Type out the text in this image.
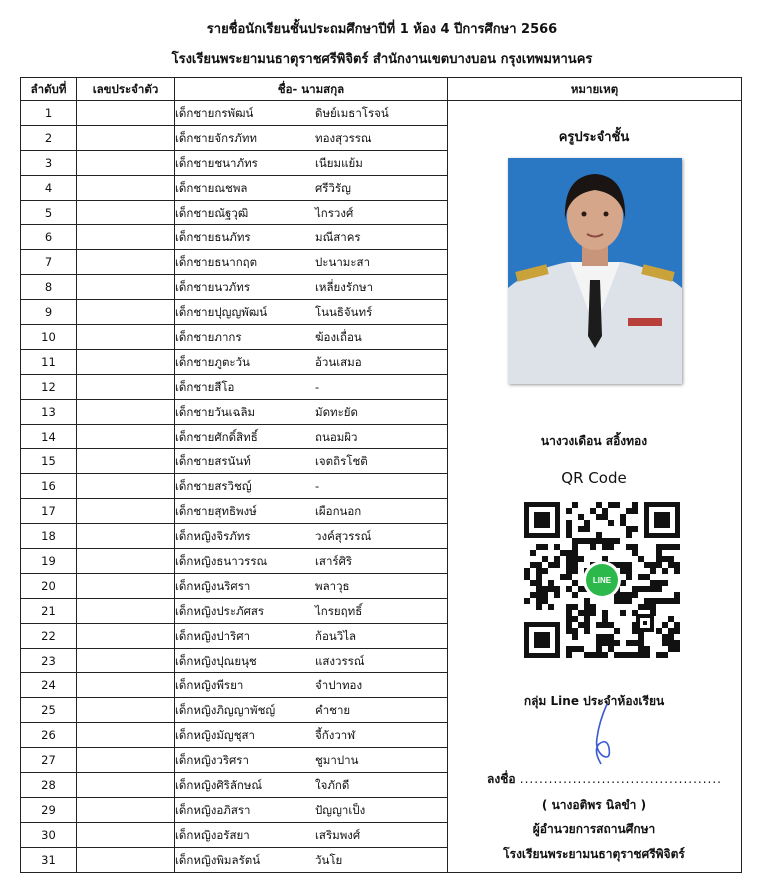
รายชื่อนักเรียนชั้นประถมศึกษาปีที่ 1 ห้อง 4 ปีการศึกษา 2566
โรงเรียนพระยามนธาตุราชศรีพิจิตร์ สำนักงานเขตบางบอน กรุงเทพมหานคร
ลำดับที่	เลขประจำตัว	ชื่อ- นามสกุล	หมายเหตุ
1		เด็กชายกรพัฒน์ ดิษย์เมธาโรจน์	
2		เด็กชายจักรภัทท ทองสุวรรณ	
3		เด็กชายชนาภัทร เนียมแย้ม	
4		เด็กชายณชพล ศรีวิรัญ	
5		เด็กชายณัฐวุฒิ ไกรวงศ์	
6		เด็กชายธนภัทร มณีสาคร	
7		เด็กชายธนากฤต ปะนามะสา	
8		เด็กชายนวภัทร เหลี่ยงรักษา	
9		เด็กชายปุญญพัฒน์ โนนธิจันทร์	
10		เด็กชายภากร ฆ้องเถื่อน	
11		เด็กชายภูตะวัน อ้วนเสมอ	
12		เด็กชายสีโอ -	
13		เด็กชายวันเฉลิม มัดทะยัด	
14		เด็กชายศักดิ์สิทธิ์ ถนอมผิว	
15		เด็กชายสรนันท์ เจตถิรโชติ	
16		เด็กชายสรวิชญ์ -	
17		เด็กชายสุทธิพงษ์ เผือกนอก	
18		เด็กหญิงจิรภัทร วงค์สุวรรณ์	
19		เด็กหญิงธนาวรรณ เสาร์ศิริ	
20		เด็กหญิงนริศรา พลาวุธ	
21		เด็กหญิงประภัศสร ไกรยฤทธิ์	
22		เด็กหญิงปาริศา ก้อนวิไล	
23		เด็กหญิงปุณยนุช แสงวรรณ์	
24		เด็กหญิงพีรยา จำปาทอง	
25		เด็กหญิงภิญญาพัชญ์ คำชาย	
26		เด็กหญิงมัญชุสา จี้กังวาฬ	
27		เด็กหญิงวริศรา ชูมาปาน	
28		เด็กหญิงศิริลักษณ์ ใจภักดี	
29		เด็กหญิงอภิสรา ปัญญาเป็ง	
30		เด็กหญิงอรัสยา เสริมพงศ์	
31		เด็กหญิงพิมลรัตน์ วันโย	
ครูประจำชั้น
นางวงเดือน สอิ้งทอง
QR Code
LINE
กลุ่ม Line ประจำห้องเรียน
ลงชื่อ ..........................................
( นางอติพร นิลขำ )
ผู้อำนวยการสถานศึกษา
โรงเรียนพระยามนธาตุราชศรีพิจิตร์
